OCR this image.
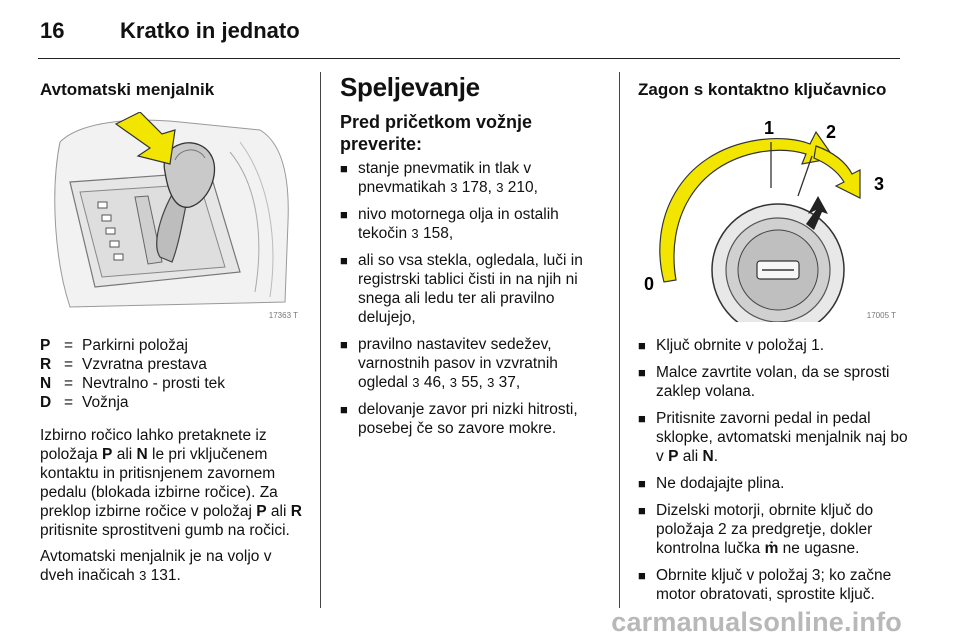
16	Kratko in jednato
Avtomatski menjalnik
17363 T
P = Parkirni položaj
R = Vzvratna prestava
N = Nevtralno - prosti tek
D = Vožnja

Izbirno ročico lahko pretaknete iz položaja P ali N le pri vključenem kontaktu in pritisnjenem zavornem pedalu (blokada izbirne ročice). Za preklop izbirne ročice v položaj P ali R pritisnite sprostitveni gumb na ročici.

Avtomatski menjalnik je na voljo v dveh inačicah 3 131.

Speljevanje
Pred pričetkom vožnje preverite:
■ stanje pnevmatik in tlak v pnevmatikah 3 178, 3 210,
■ nivo motornega olja in ostalih tekočin 3 158,
■ ali so vsa stekla, ogledala, luči in registrski tablici čisti in na njih ni snega ali ledu ter ali pravilno delujejo,
■ pravilno nastavitev sedežev, varnostnih pasov in vzvratnih ogledal 3 46, 3 55, 3 37,
■ delovanje zavor pri nizki hitrosti, posebej če so zavore mokre.
Zagon s kontaktno ključavnico
0
1	2
3
17005 T
■ Ključ obrnite v položaj 1.
■ Malce zavrtite volan, da se sprosti zaklep volana.
■ Pritisnite zavorni pedal in pedal sklopke, avtomatski menjalnik naj bo v P ali N.
■ Ne dodajajte plina.
■ Dizelski motorji, obrnite ključ do položaja 2 za predgretje, dokler kontrolna lučka ṁ ne ugasne.
■ Obrnite ključ v položaj 3; ko začne motor obratovati, sprostite ključ.
carmanualsonline.info
